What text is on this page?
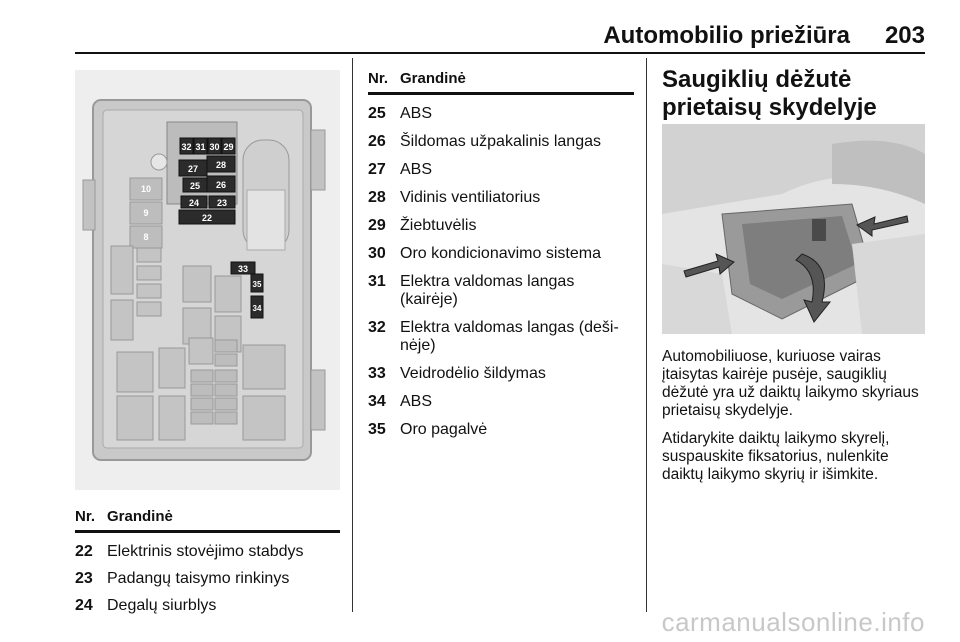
Automobilio priežiūra 203
32 31 30 29
27 28
25 26
24 23
22
33
35
34
10
9
8
Nr. Grandinė
22 Elektrinis stovėjimo stabdys
23 Padangų taisymo rinkinys
24 Degalų siurblys
Nr. Grandinė
25 ABS
26 Šildomas užpakalinis langas
27 ABS
28 Vidinis ventiliatorius
29 Žiebtuvėlis
30 Oro kondicionavimo sistema
31 Elektra valdomas langas (kairėje)
32 Elektra valdomas langas (deši-nėje)
33 Veidrodėlio šildymas
34 ABS
35 Oro pagalvė
Saugiklių dėžutė prietaisų skydelyje
Automobiliuose, kuriuose vairas įtaisytas kairėje pusėje, saugiklių dėžutė yra už daiktų laikymo skyriaus prietaisų skydelyje.
Atidarykite daiktų laikymo skyrelį, suspauskite fiksatorius, nulenkite daiktų laikymo skyrių ir išimkite.
carmanualsonline.info
